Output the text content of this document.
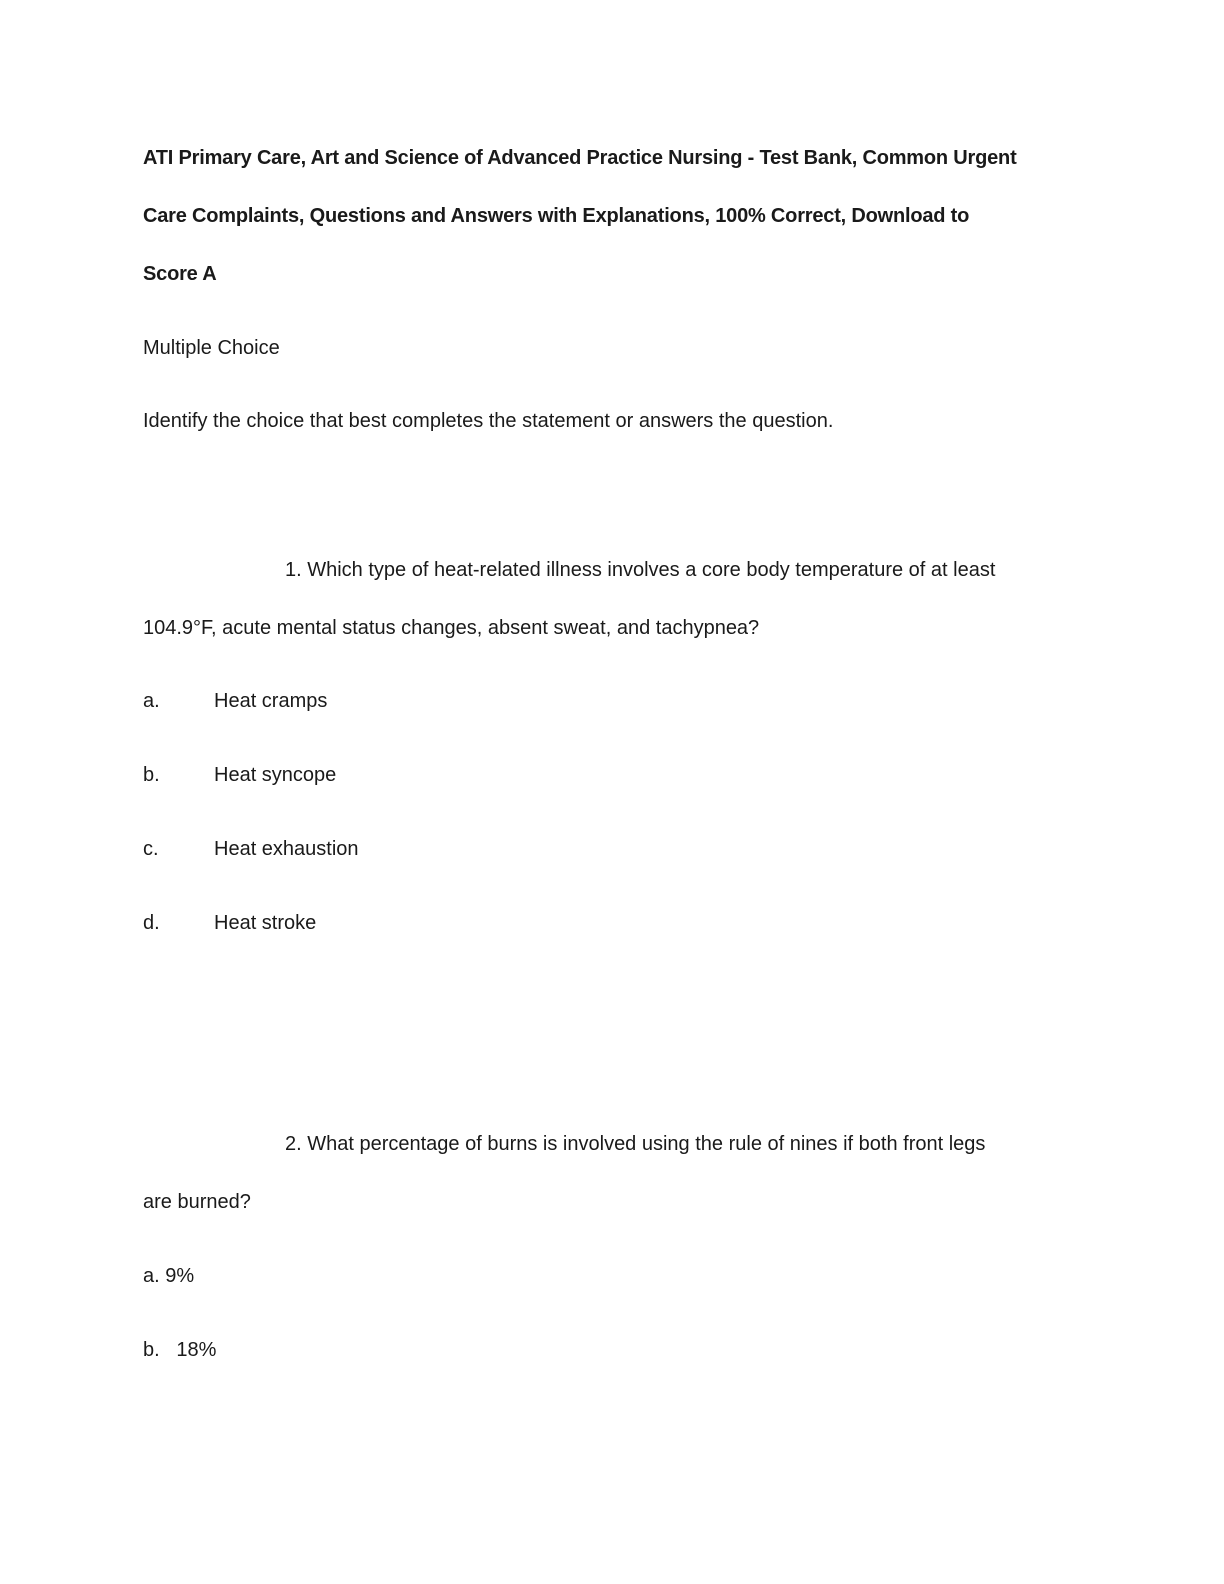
ATI Primary Care, Art and Science of Advanced Practice Nursing - Test Bank, Common Urgent
Care Complaints, Questions and Answers with Explanations, 100% Correct, Download to
Score A
Multiple Choice
Identify the choice that best completes the statement or answers the question.
1. Which type of heat-related illness involves a core body temperature of at least
104.9°F, acute mental status changes, absent sweat, and tachypnea?
a.	Heat cramps
b.	Heat syncope
c.	Heat exhaustion
d.	Heat stroke
2. What percentage of burns is involved using the rule of nines if both front legs
are burned?
a. 9%
b.   18%
